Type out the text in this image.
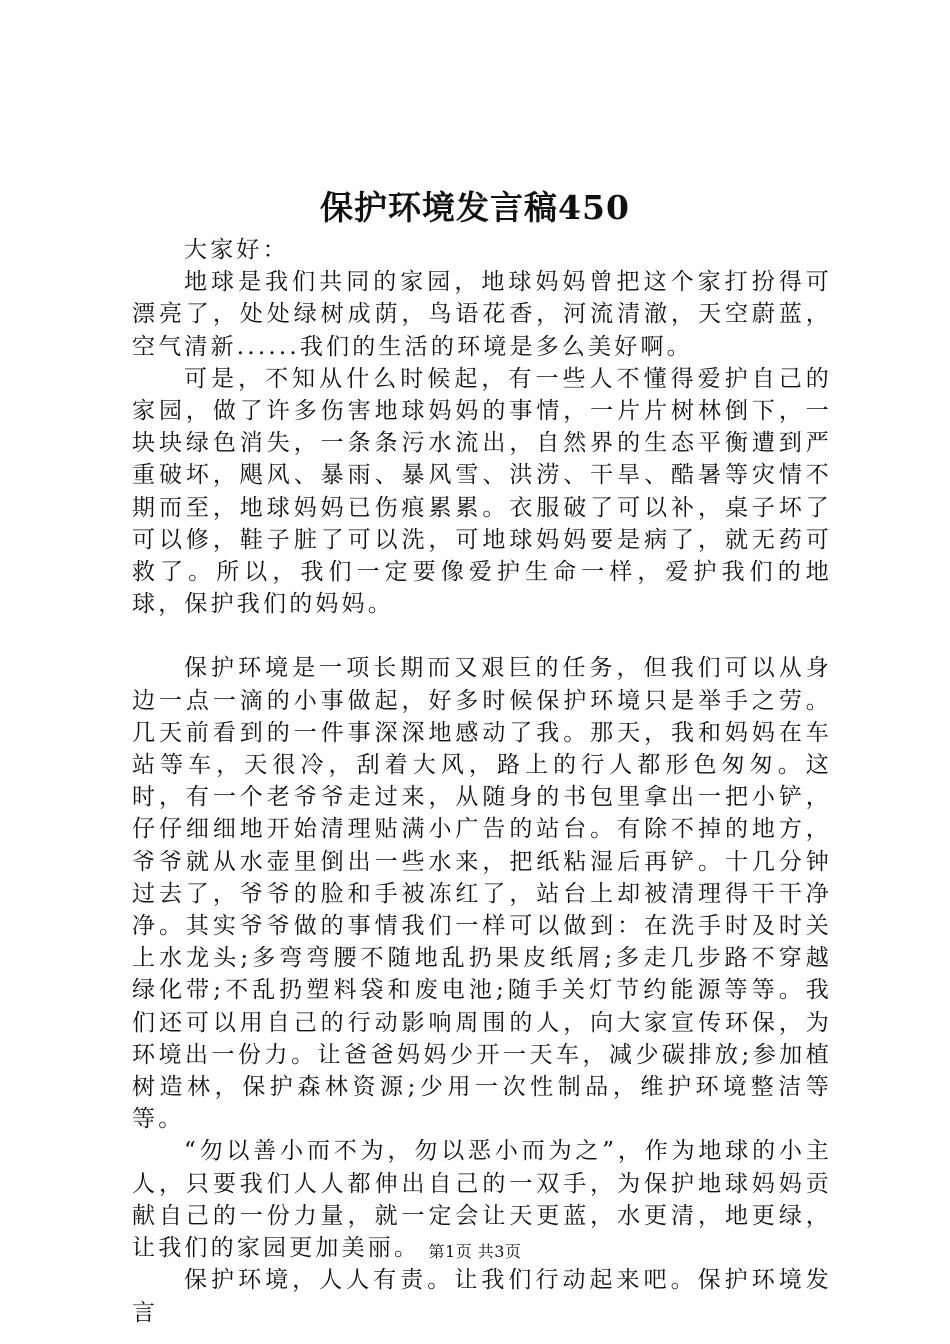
保护环境发言稿450

大家好：

地球是我们共同的家园，地球妈妈曾把这个家打扮得可漂亮了，处处绿树成荫，鸟语花香，河流清澈，天空蔚蓝，空气清新......我们的生活的环境是多么美好啊。

可是，不知从什么时候起，有一些人不懂得爱护自己的家园，做了许多伤害地球妈妈的事情，一片片树林倒下，一块块绿色消失，一条条污水流出，自然界的生态平衡遭到严重破坏，飓风、暴雨、暴风雪、洪涝、干旱、酷暑等灾情不期而至，地球妈妈已伤痕累累。衣服破了可以补，桌子坏了可以修，鞋子脏了可以洗，可地球妈妈要是病了，就无药可救了。所以，我们一定要像爱护生命一样，爱护我们的地球，保护我们的妈妈。

保护环境是一项长期而又艰巨的任务，但我们可以从身边一点一滴的小事做起，好多时候保护环境只是举手之劳。几天前看到的一件事深深地感动了我。那天，我和妈妈在车站等车，天很冷，刮着大风，路上的行人都形色匆匆。这时，有一个老爷爷走过来，从随身的书包里拿出一把小铲，仔仔细细地开始清理贴满小广告的站台。有除不掉的地方，爷爷就从水壶里倒出一些水来，把纸粘湿后再铲。十几分钟过去了，爷爷的脸和手被冻红了，站台上却被清理得干干净净。其实爷爷做的事情我们一样可以做到：在洗手时及时关上水龙头;多弯弯腰不随地乱扔果皮纸屑;多走几步路不穿越绿化带;不乱扔塑料袋和废电池;随手关灯节约能源等等。我们还可以用自己的行动影响周围的人，向大家宣传环保，为环境出一份力。让爸爸妈妈少开一天车，减少碳排放;参加植树造林，保护森林资源;少用一次性制品，维护环境整洁等等。

“勿以善小而不为，勿以恶小而为之”，作为地球的小主人，只要我们人人都伸出自己的一双手，为保护地球妈妈贡献自己的一份力量，就一定会让天更蓝，水更清，地更绿，让我们的家园更加美丽。

保护环境，人人有责。让我们行动起来吧。保护环境发言

第1页 共3页
